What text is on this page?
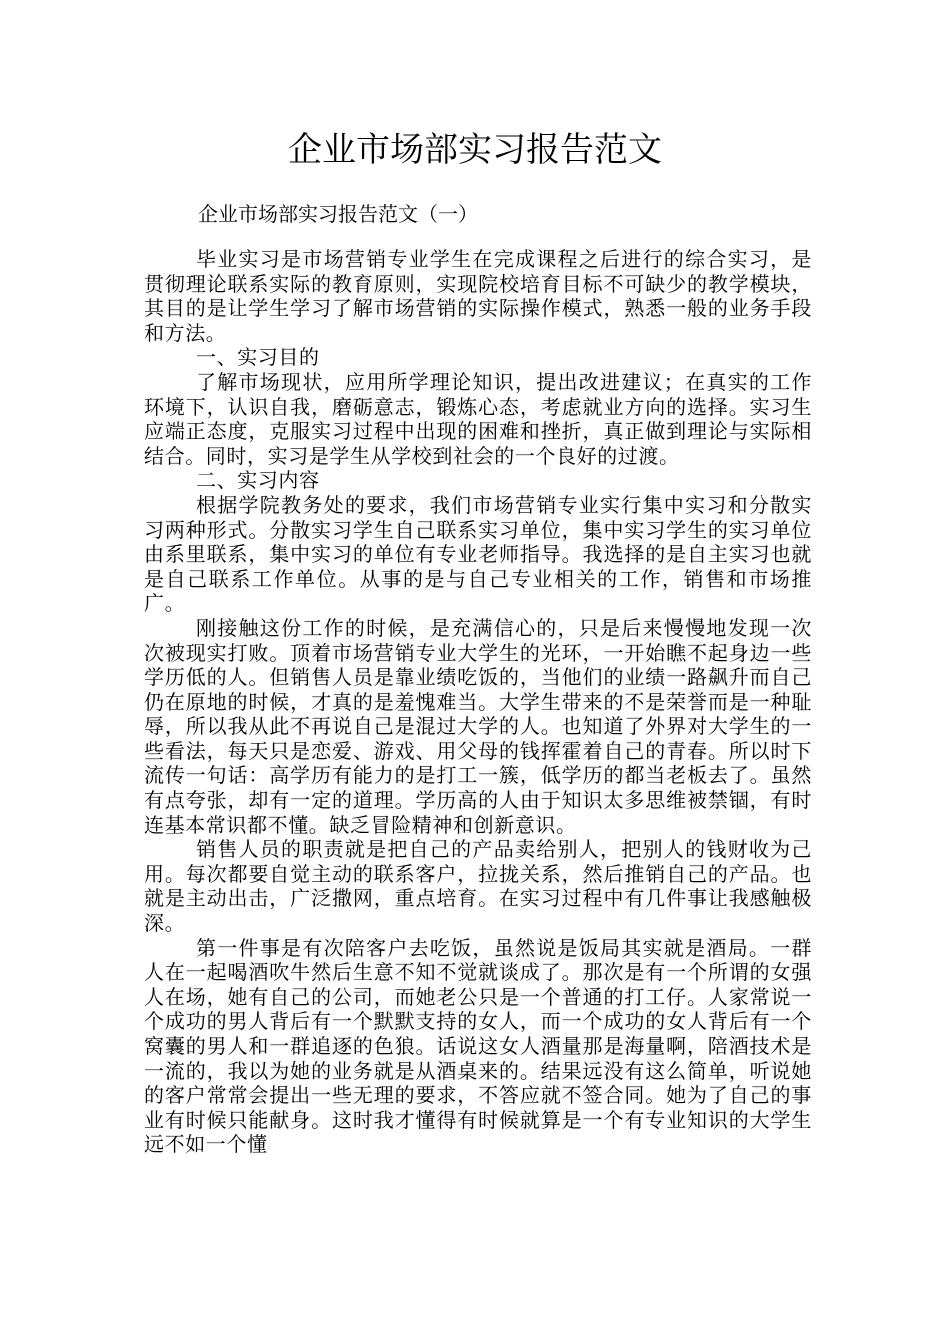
企业市场部实习报告范文

企业市场部实习报告范文（一）

毕业实习是市场营销专业学生在完成课程之后进行的综合实习，是贯彻理论联系实际的教育原则，实现院校培育目标不可缺少的教学模块，其目的是让学生学习了解市场营销的实际操作模式，熟悉一般的业务手段和方法。

一、实习目的

了解市场现状，应用所学理论知识，提出改进建议；在真实的工作环境下，认识自我，磨砺意志，锻炼心态，考虑就业方向的选择。实习生应端正态度，克服实习过程中出现的困难和挫折，真正做到理论与实际相结合。同时，实习是学生从学校到社会的一个良好的过渡。

二、实习内容

根据学院教务处的要求，我们市场营销专业实行集中实习和分散实习两种形式。分散实习学生自己联系实习单位，集中实习学生的实习单位由系里联系，集中实习的单位有专业老师指导。我选择的是自主实习也就是自己联系工作单位。从事的是与自己专业相关的工作，销售和市场推广。

刚接触这份工作的时候，是充满信心的，只是后来慢慢地发现一次次被现实打败。顶着市场营销专业大学生的光环，一开始瞧不起身边一些学历低的人。但销售人员是靠业绩吃饭的，当他们的业绩一路飙升而自己仍在原地的时候，才真的是羞愧难当。大学生带来的不是荣誉而是一种耻辱，所以我从此不再说自己是混过大学的人。也知道了外界对大学生的一些看法，每天只是恋爱、游戏、用父母的钱挥霍着自己的青春。所以时下流传一句话：高学历有能力的是打工一簇，低学历的都当老板去了。虽然有点夸张，却有一定的道理。学历高的人由于知识太多思维被禁锢，有时连基本常识都不懂。缺乏冒险精神和创新意识。

销售人员的职责就是把自己的产品卖给别人，把别人的钱财收为己用。每次都要自觉主动的联系客户，拉拢关系，然后推销自己的产品。也就是主动出击，广泛撒网，重点培育。在实习过程中有几件事让我感触极深。

第一件事是有次陪客户去吃饭，虽然说是饭局其实就是酒局。一群人在一起喝酒吹牛然后生意不知不觉就谈成了。那次是有一个所谓的女强人在场，她有自己的公司，而她老公只是一个普通的打工仔。人家常说一个成功的男人背后有一个默默支持的女人，而一个成功的女人背后有一个窝囊的男人和一群追逐的色狼。话说这女人酒量那是海量啊，陪酒技术是一流的，我以为她的业务就是从酒桌来的。结果远没有这么简单，听说她的客户常常会提出一些无理的要求，不答应就不签合同。她为了自己的事业有时候只能献身。这时我才懂得有时候就算是一个有专业知识的大学生远不如一个懂
